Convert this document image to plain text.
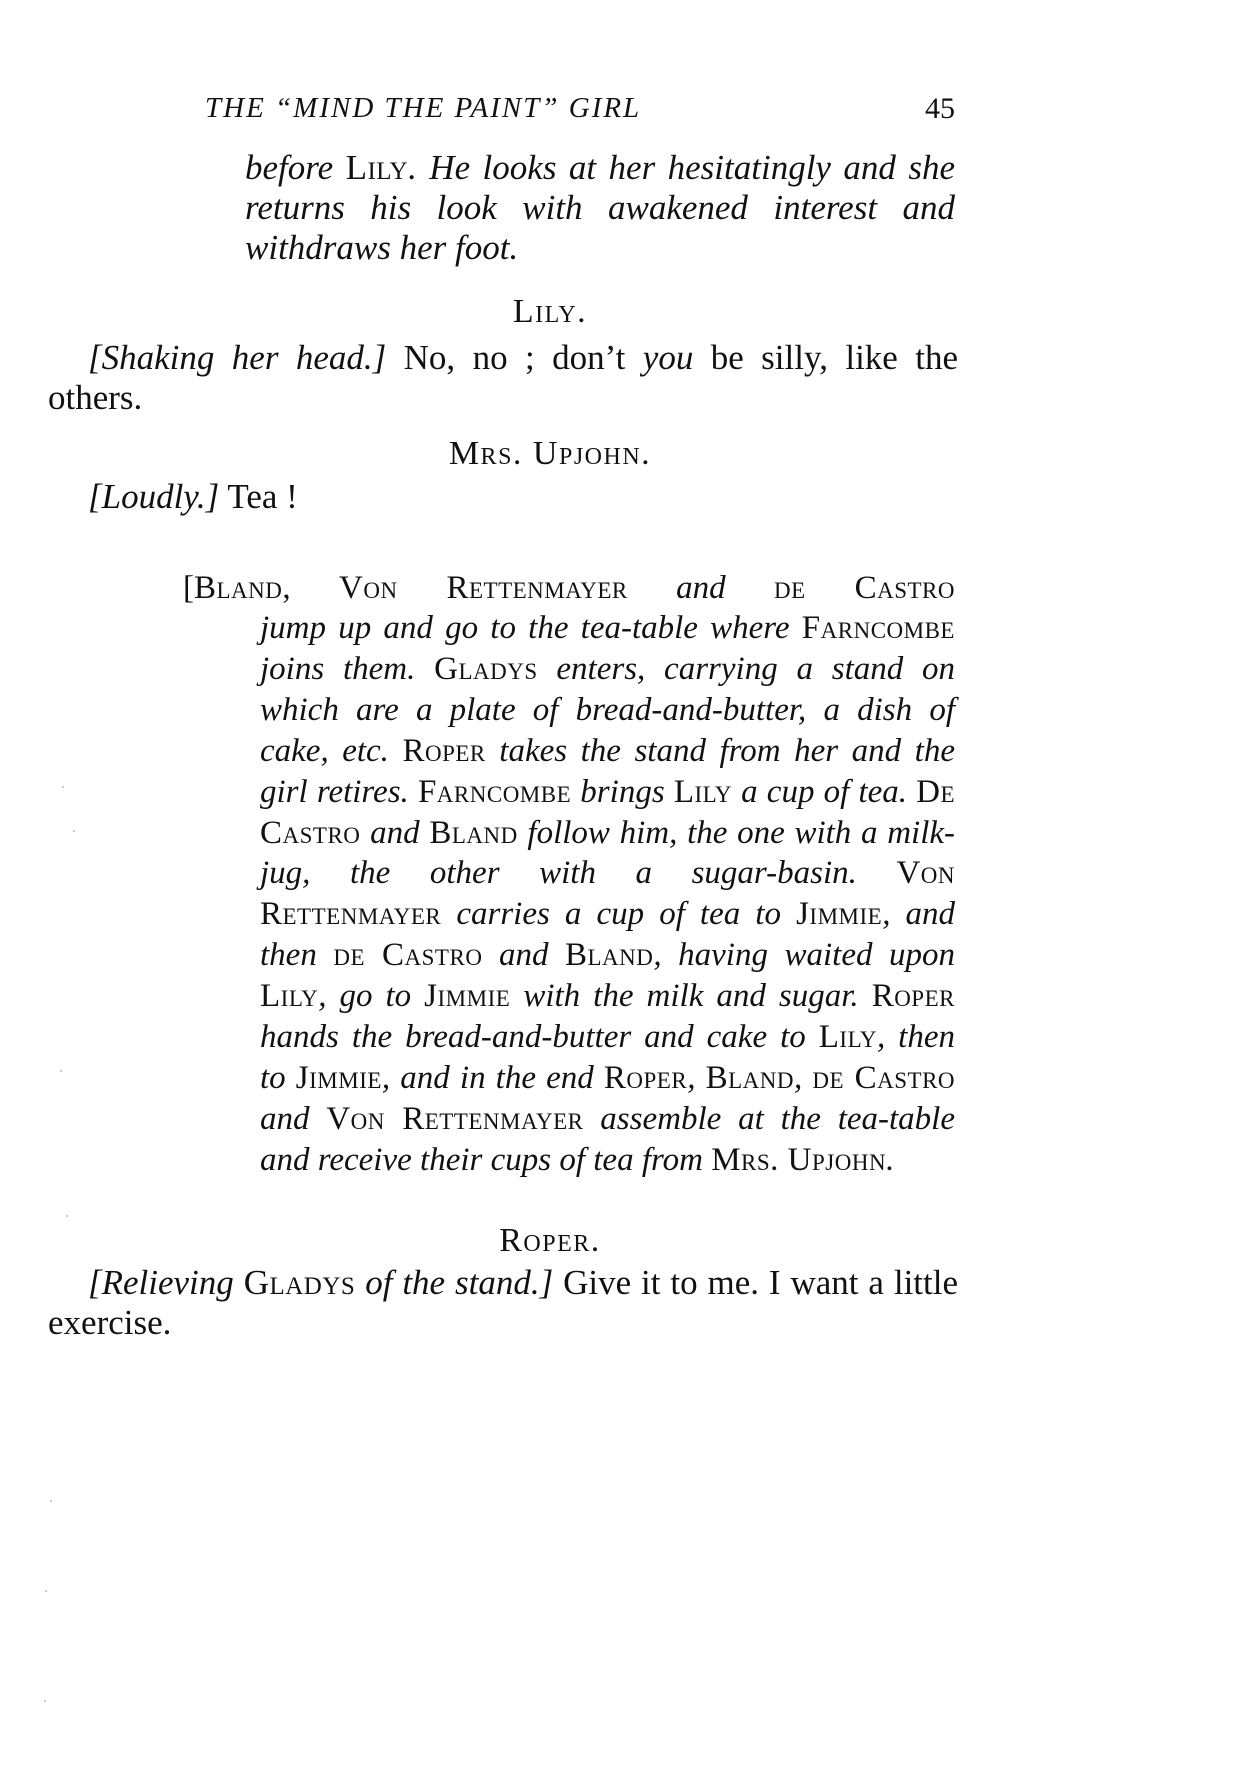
THE “MIND THE PAINT” GIRL	45
before Lily. He looks at her hesitatingly and she returns his look with awakened interest and withdraws her foot.
Lily.
[Shaking her head.] No, no ; don’t you be silly, like the others.
Mrs. Upjohn.
[Loudly.] Tea !
[Bland, Von Rettenmayer and de Castro
jump up and go to the tea-table where Farncombe joins them. Gladys enters, carrying a stand on which are a plate of bread-and-butter, a dish of cake, etc. Roper takes the stand from her and the girl retires. Farncombe brings Lily a cup of tea. De Castro and Bland follow him, the one with a milk-jug, the other with a sugar-basin. Von Rettenmayer carries a cup of tea to Jimmie, and then de Castro and Bland, having waited upon Lily, go to Jimmie with the milk and sugar. Roper hands the bread-and-butter and cake to Lily, then to Jimmie, and in the end Roper, Bland, de Castro and Von Rettenmayer assemble at the tea-table and receive their cups of tea from Mrs. Upjohn.
Roper.
[Relieving Gladys of the stand.] Give it to me. I want a little exercise.
